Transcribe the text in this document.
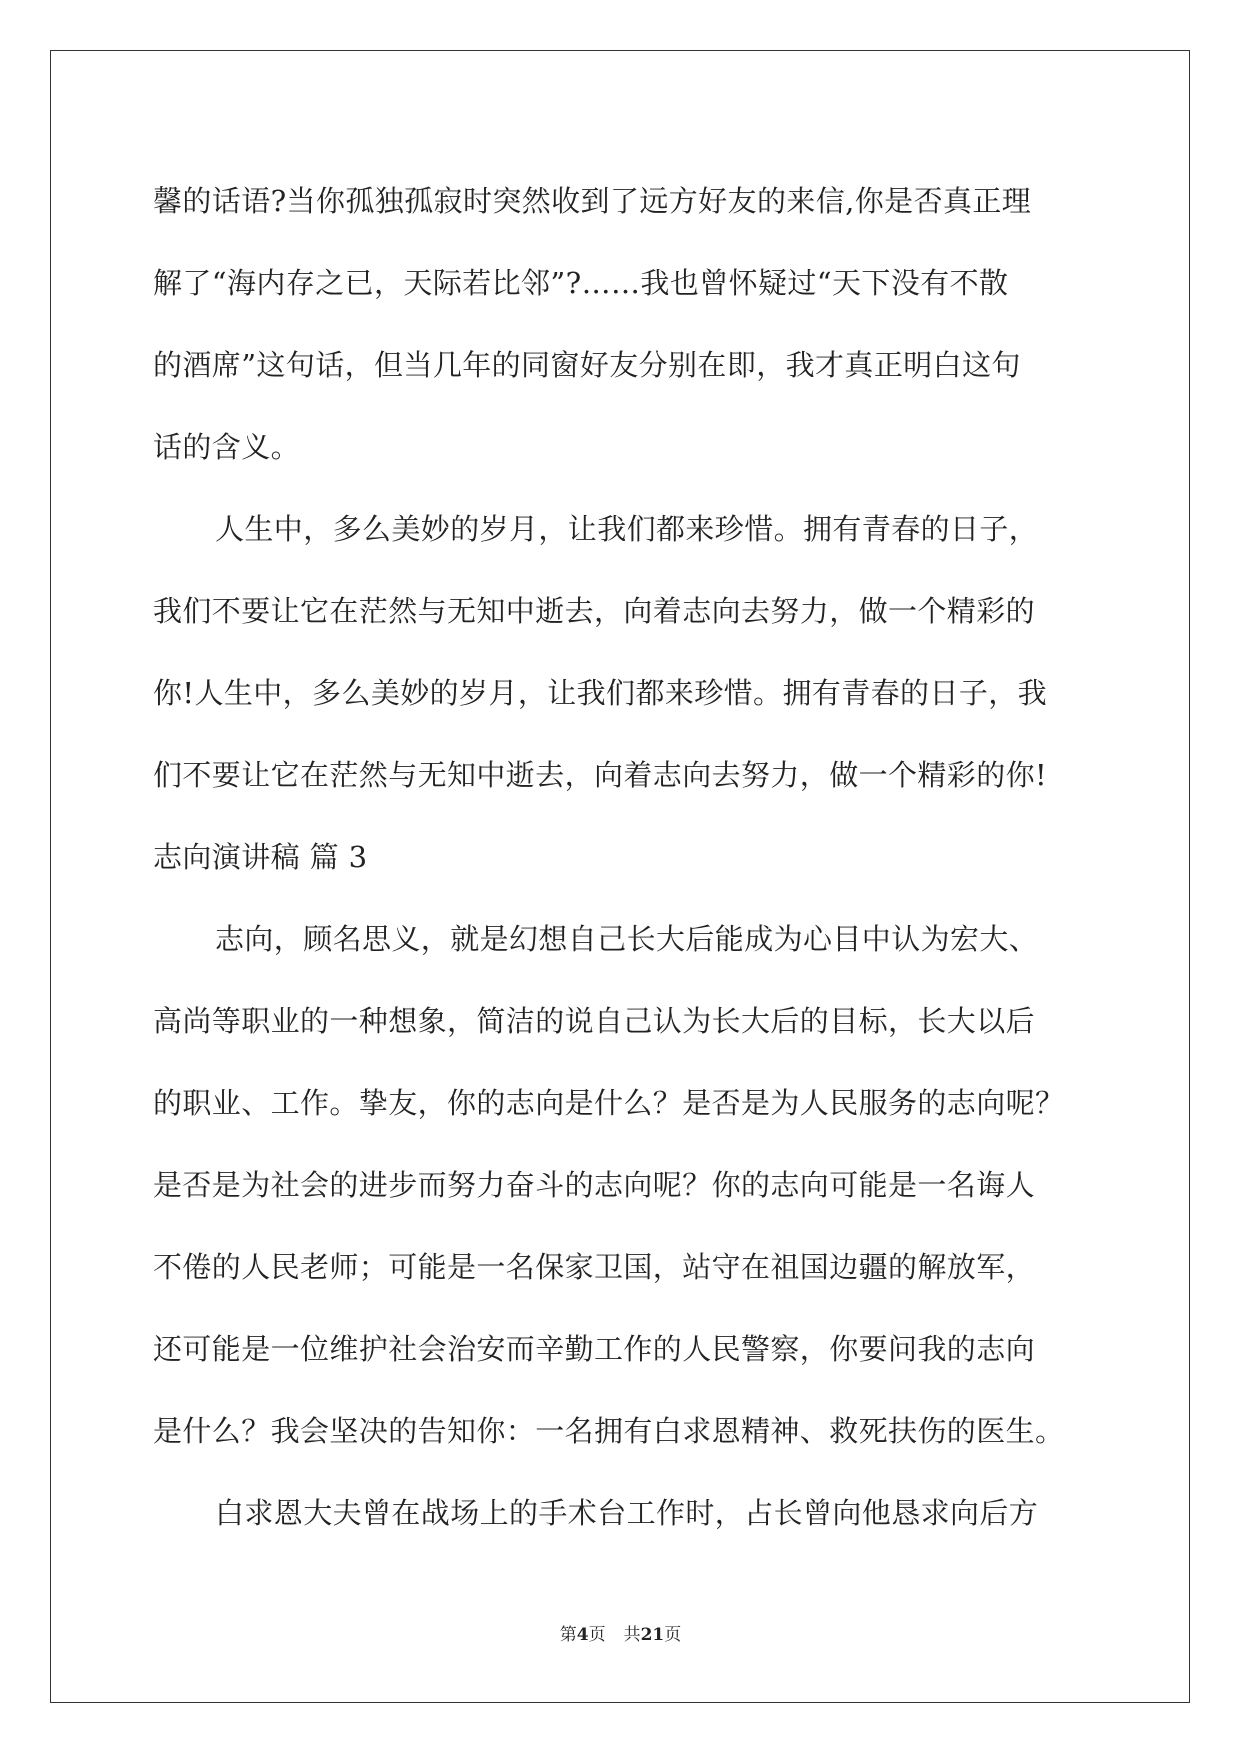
馨的话语?当你孤独孤寂时突然收到了远方好友的来信,你是否真正理
解了“海内存之已，天际若比邻”?……我也曾怀疑过“天下没有不散
的酒席”这句话，但当几年的同窗好友分别在即，我才真正明白这句
话的含义。
人生中，多么美妙的岁月，让我们都来珍惜。拥有青春的日子，
我们不要让它在茫然与无知中逝去，向着志向去努力，做一个精彩的
你!人生中，多么美妙的岁月，让我们都来珍惜。拥有青春的日子，我
们不要让它在茫然与无知中逝去，向着志向去努力，做一个精彩的你!
志向演讲稿 篇 3
志向，顾名思义，就是幻想自己长大后能成为心目中认为宏大、
高尚等职业的一种想象，简洁的说自己认为长大后的目标，长大以后
的职业、工作。挚友，你的志向是什么？是否是为人民服务的志向呢？
是否是为社会的进步而努力奋斗的志向呢？你的志向可能是一名诲人
不倦的人民老师；可能是一名保家卫国，站守在祖国边疆的解放军，
还可能是一位维护社会治安而辛勤工作的人民警察，你要问我的志向
是什么？我会坚决的告知你：一名拥有白求恩精神、救死扶伤的医生。
白求恩大夫曾在战场上的手术台工作时，占长曾向他恳求向后方
第4页 共21页
